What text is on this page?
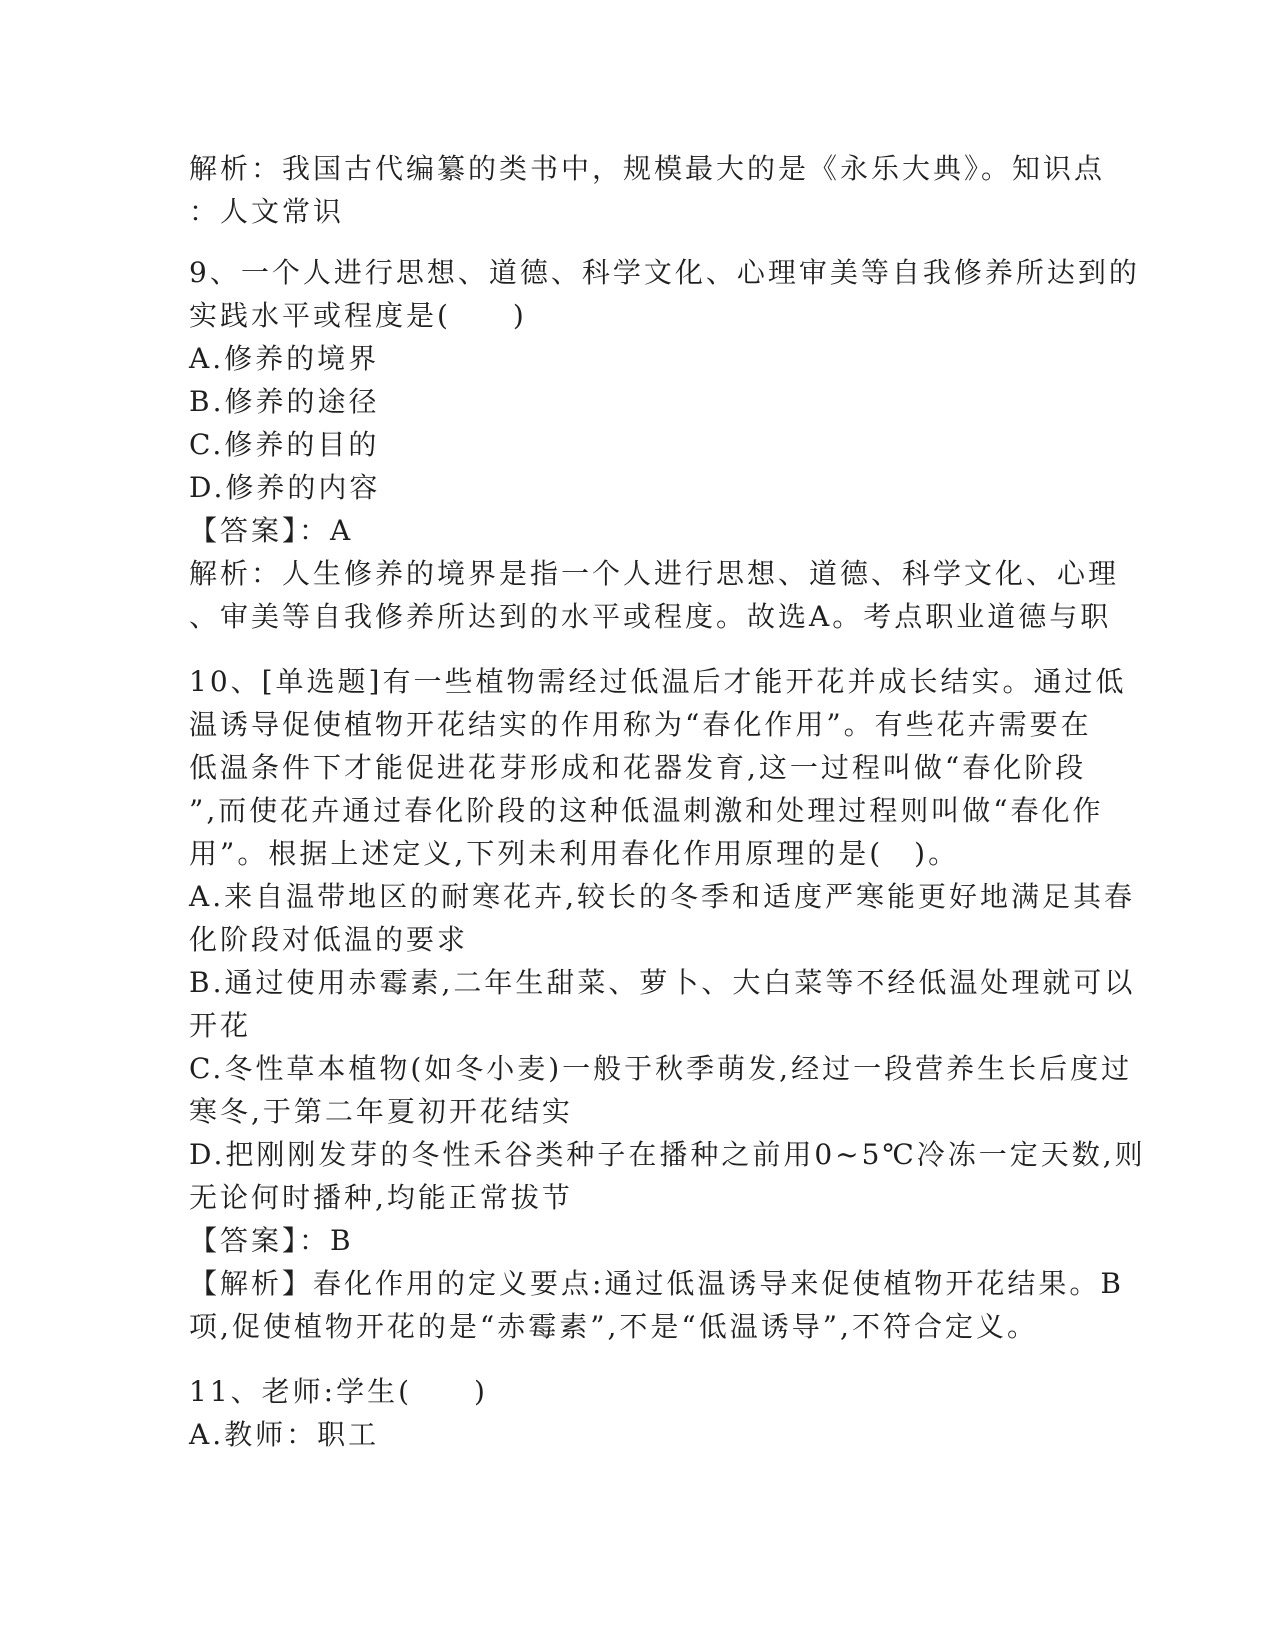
解析：我国古代编纂的类书中，规模最大的是《永乐大典》。知识点
：人文常识
9、一个人进行思想、道德、科学文化、心理审美等自我修养所达到的
实践水平或程度是(　　)
A.修养的境界
B.修养的途径
C.修养的目的
D.修养的内容
【答案】：A
解析：人生修养的境界是指一个人进行思想、道德、科学文化、心理
、审美等自我修养所达到的水平或程度。故选A。考点职业道德与职
10、[单选题]有一些植物需经过低温后才能开花并成长结实。通过低
温诱导促使植物开花结实的作用称为“春化作用”。有些花卉需要在
低温条件下才能促进花芽形成和花器发育,这一过程叫做“春化阶段
”,而使花卉通过春化阶段的这种低温刺激和处理过程则叫做“春化作
用”。根据上述定义,下列未利用春化作用原理的是(　)。
A.来自温带地区的耐寒花卉,较长的冬季和适度严寒能更好地满足其春
化阶段对低温的要求
B.通过使用赤霉素,二年生甜菜、萝卜、大白菜等不经低温处理就可以
开花
C.冬性草本植物(如冬小麦)一般于秋季萌发,经过一段营养生长后度过
寒冬,于第二年夏初开花结实
D.把刚刚发芽的冬性禾谷类种子在播种之前用0~5℃冷冻一定天数,则
无论何时播种,均能正常拔节
【答案】：B
【解析】春化作用的定义要点:通过低温诱导来促使植物开花结果。B
项,促使植物开花的是“赤霉素”,不是“低温诱导”,不符合定义。
11、老师:学生(　　)
A.教师：职工
